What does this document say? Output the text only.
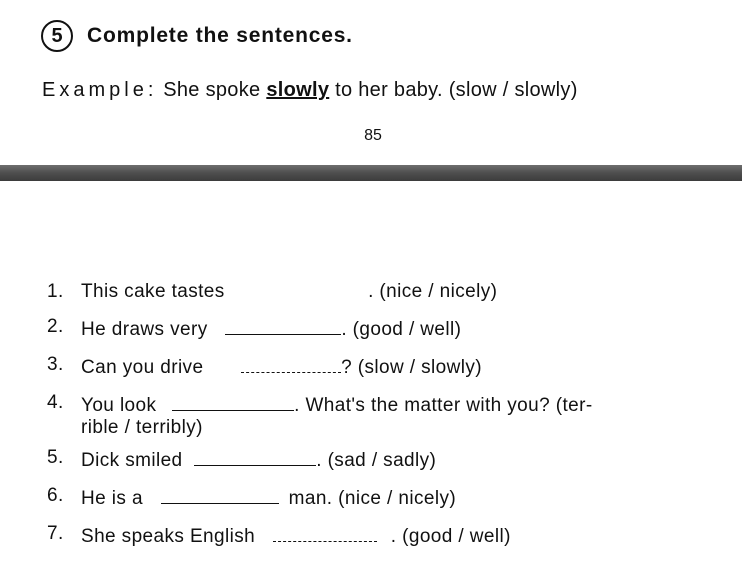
5	Complete the sentences.
Example: She spoke slowly to her baby. (slow / slowly)
85
1. This cake tastes	. (nice / nicely)
2. He draws very	. (good / well)
3. Can you drive	? (slow / slowly)
4. You look	. What's the matter with you? (ter-
rible / terribly)
5. Dick smiled	. (sad / sadly)
6. He is a	man. (nice / nicely)
7. She speaks English	. (good / well)
